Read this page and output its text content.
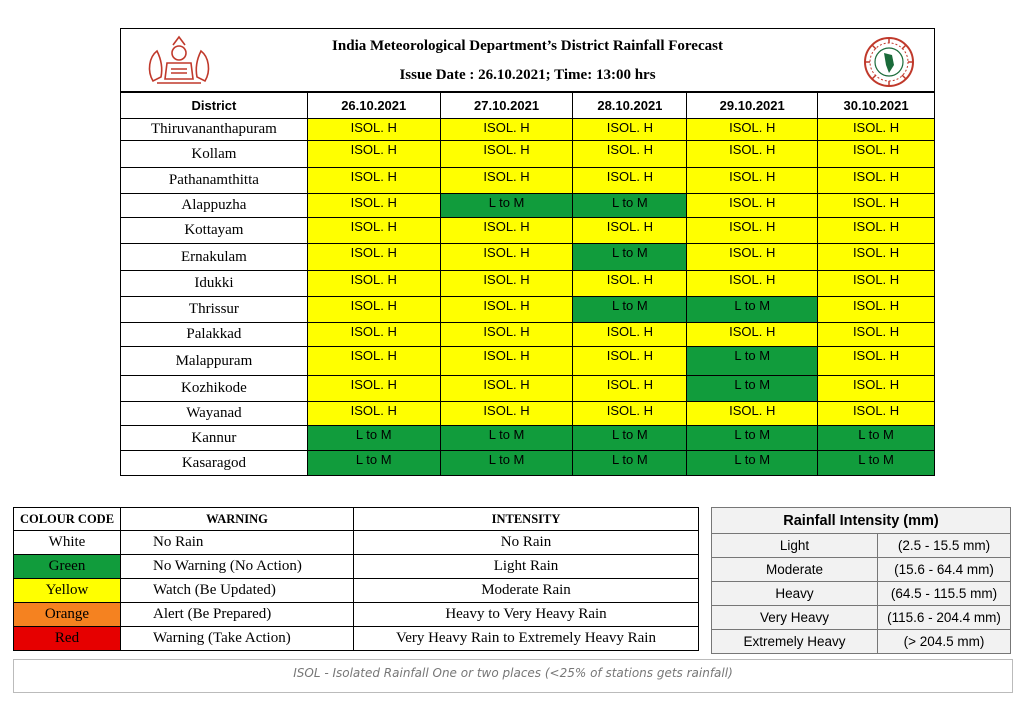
India Meteorological Department’s District Rainfall Forecast
Issue Date : 26.10.2021; Time: 13:00 hrs
District	26.10.2021	27.10.2021	28.10.2021	29.10.2021	30.10.2021
Thiruvananthapuram	ISOL. H	ISOL. H	ISOL. H	ISOL. H	ISOL. H
Kollam	ISOL. H	ISOL. H	ISOL. H	ISOL. H	ISOL. H
Pathanamthitta	ISOL. H	ISOL. H	ISOL. H	ISOL. H	ISOL. H
Alappuzha	ISOL. H	L to M	L to M	ISOL. H	ISOL. H
Kottayam	ISOL. H	ISOL. H	ISOL. H	ISOL. H	ISOL. H
Ernakulam	ISOL. H	ISOL. H	L to M	ISOL. H	ISOL. H
Idukki	ISOL. H	ISOL. H	ISOL. H	ISOL. H	ISOL. H
Thrissur	ISOL. H	ISOL. H	L to M	L to M	ISOL. H
Palakkad	ISOL. H	ISOL. H	ISOL. H	ISOL. H	ISOL. H
Malappuram	ISOL. H	ISOL. H	ISOL. H	L to M	ISOL. H
Kozhikode	ISOL. H	ISOL. H	ISOL. H	L to M	ISOL. H
Wayanad	ISOL. H	ISOL. H	ISOL. H	ISOL. H	ISOL. H
Kannur	L to M	L to M	L to M	L to M	L to M
Kasaragod	L to M	L to M	L to M	L to M	L to M
COLOUR CODE	WARNING	INTENSITY
White	No Rain	No Rain
Green	No Warning (No Action)	Light Rain
Yellow	Watch (Be Updated)	Moderate Rain
Orange	Alert (Be Prepared)	Heavy to Very Heavy Rain
Red	Warning (Take Action)	Very Heavy Rain to Extremely Heavy Rain
Rainfall Intensity (mm)	
Light	(2.5 - 15.5 mm)
Moderate	(15.6 - 64.4 mm)
Heavy	(64.5 - 115.5 mm)
Very Heavy	(115.6 - 204.4 mm)
Extremely Heavy	(> 204.5 mm)
ISOL - Isolated Rainfall One or two places (<25% of stations gets rainfall)
